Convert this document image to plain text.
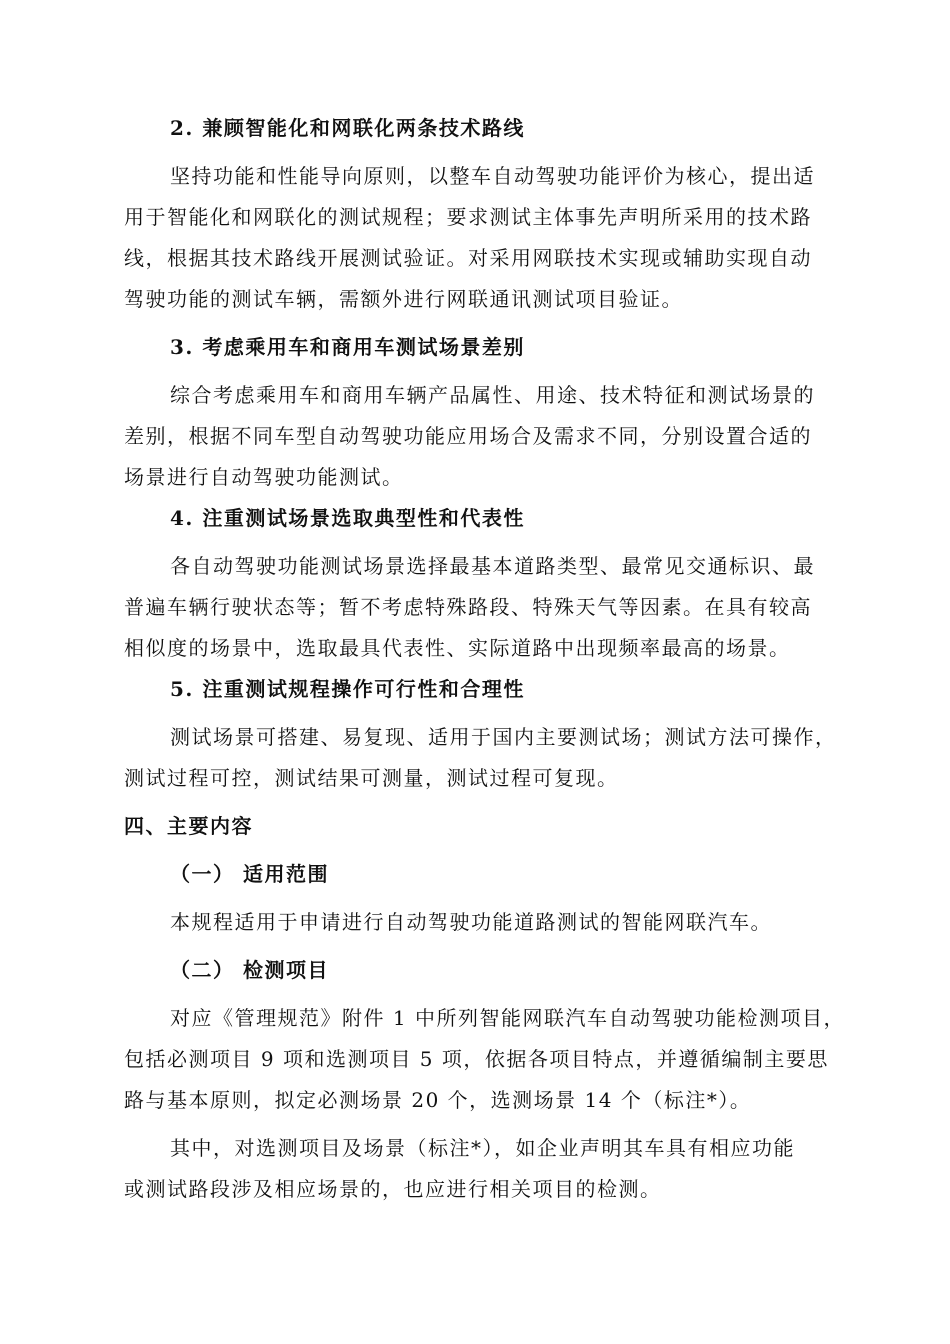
2. 兼顾智能化和网联化两条技术路线
坚持功能和性能导向原则，以整车自动驾驶功能评价为核心，提出适
用于智能化和网联化的测试规程；要求测试主体事先声明所采用的技术路
线，根据其技术路线开展测试验证。对采用网联技术实现或辅助实现自动
驾驶功能的测试车辆，需额外进行网联通讯测试项目验证。
3. 考虑乘用车和商用车测试场景差别
综合考虑乘用车和商用车辆产品属性、用途、技术特征和测试场景的
差别，根据不同车型自动驾驶功能应用场合及需求不同，分别设置合适的
场景进行自动驾驶功能测试。
4. 注重测试场景选取典型性和代表性
各自动驾驶功能测试场景选择最基本道路类型、最常见交通标识、最
普遍车辆行驶状态等；暂不考虑特殊路段、特殊天气等因素。在具有较高
相似度的场景中，选取最具代表性、实际道路中出现频率最高的场景。
5. 注重测试规程操作可行性和合理性
测试场景可搭建、易复现、适用于国内主要测试场；测试方法可操作，
测试过程可控，测试结果可测量，测试过程可复现。
四、主要内容
（一） 适用范围
本规程适用于申请进行自动驾驶功能道路测试的智能网联汽车。
（二） 检测项目
对应《管理规范》附件 1 中所列智能网联汽车自动驾驶功能检测项目，
包括必测项目 9 项和选测项目 5 项，依据各项目特点，并遵循编制主要思
路与基本原则，拟定必测场景 20 个，选测场景 14 个（标注*）。
其中，对选测项目及场景（标注*），如企业声明其车具有相应功能
或测试路段涉及相应场景的，也应进行相关项目的检测。
